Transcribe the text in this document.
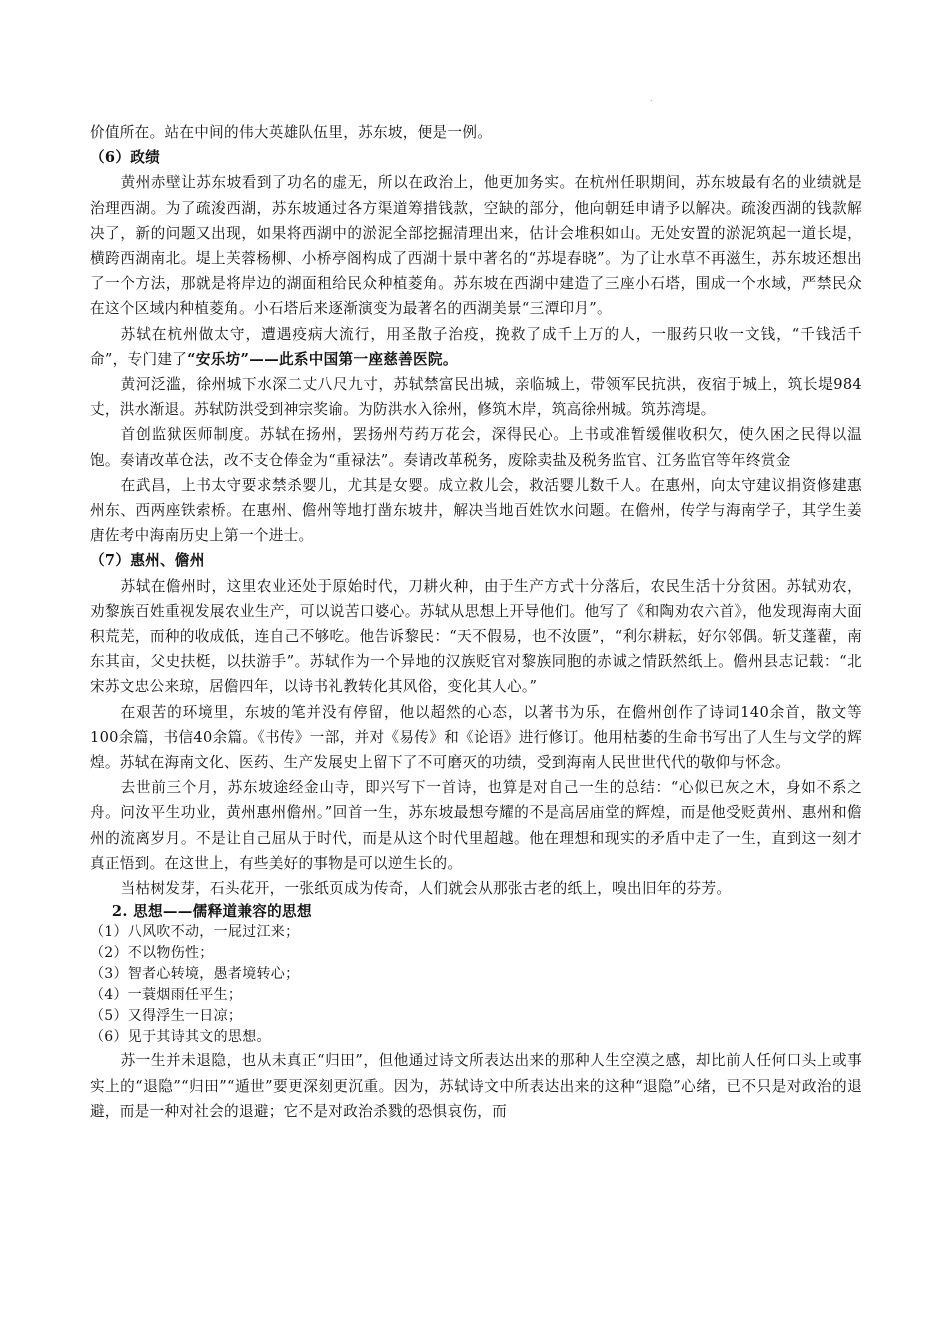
.

价值所在。站在中间的伟大英雄队伍里，苏东坡，便是一例。

（6）政绩

黄州赤壁让苏东坡看到了功名的虚无，所以在政治上，他更加务实。在杭州任职期间，苏东坡最有名的业绩就是治理西湖。为了疏浚西湖，苏东坡通过各方渠道筹措钱款，空缺的部分，他向朝廷申请予以解决。疏浚西湖的钱款解决了，新的问题又出现，如果将西湖中的淤泥全部挖掘清理出来，估计会堆积如山。无处安置的淤泥筑起一道长堤，横跨西湖南北。堤上芙蓉杨柳、小桥亭阁构成了西湖十景中著名的“苏堤春晓”。为了让水草不再滋生，苏东坡还想出了一个方法，那就是将岸边的湖面租给民众种植菱角。苏东坡在西湖中建造了三座小石塔，围成一个水域，严禁民众在这个区域内种植菱角。小石塔后来逐渐演变为最著名的西湖美景“三潭印月”。

苏轼在杭州做太守，遭遇疫病大流行，用圣散子治疫，挽救了成千上万的人，一服药只收一文钱，“千钱活千命”，专门建了“安乐坊”——此系中国第一座慈善医院。

黄河泛滥，徐州城下水深二丈八尺九寸，苏轼禁富民出城，亲临城上，带领军民抗洪，夜宿于城上，筑长堤984丈，洪水渐退。苏轼防洪受到神宗奖谕。为防洪水入徐州，修筑木岸，筑高徐州城。筑苏湾堤。

首创监狱医师制度。苏轼在扬州，罢扬州芍药万花会，深得民心。上书或准暂缓催收积欠，使久困之民得以温饱。奏请改革仓法，改不支仓俸金为“重禄法”。奏请改革税务，废除卖盐及税务监官、江务监官等年终赏金

在武昌，上书太守要求禁杀婴儿，尤其是女婴。成立救儿会，救活婴儿数千人。在惠州，向太守建议捐资修建惠州东、西两座铁索桥。在惠州、儋州等地打凿东坡井，解决当地百姓饮水问题。在儋州，传学与海南学子，其学生姜唐佐考中海南历史上第一个进士。

（7）惠州、儋州

苏轼在儋州时，这里农业还处于原始时代，刀耕火种，由于生产方式十分落后，农民生活十分贫困。苏轼劝农，劝黎族百姓重视发展农业生产，可以说苦口婆心。苏轼从思想上开导他们。他写了《和陶劝农六首》，他发现海南大面积荒芜，而种的收成低，连自己不够吃。他告诉黎民：“天不假易，也不汝匮”，“利尔耕耘，好尔邻偶。斩艾蓬藋，南东其亩，父史扶梃，以扶游手”。苏轼作为一个异地的汉族贬官对黎族同胞的赤诚之情跃然纸上。儋州县志记载：“北宋苏文忠公来琼，居儋四年，以诗书礼教转化其风俗，变化其人心。”

在艰苦的环境里，东坡的笔并没有停留，他以超然的心态，以著书为乐，在儋州创作了诗词140余首，散文等100余篇，书信40余篇。《书传》一部，并对《易传》和《论语》进行修订。他用枯萎的生命书写出了人生与文学的辉煌。苏轼在海南文化、医药、生产发展史上留下了不可磨灭的功绩，受到海南人民世世代代的敬仰与怀念。

去世前三个月，苏东坡途经金山寺，即兴写下一首诗，也算是对自己一生的总结：“心似已灰之木，身如不系之舟。问汝平生功业，黄州惠州儋州。”回首一生，苏东坡最想夸耀的不是高居庙堂的辉煌，而是他受贬黄州、惠州和儋州的流离岁月。不是让自己屈从于时代，而是从这个时代里超越。他在理想和现实的矛盾中走了一生，直到这一刻才真正悟到。在这世上，有些美好的事物是可以逆生长的。

当枯树发芽，石头花开，一张纸页成为传奇，人们就会从那张古老的纸上，嗅出旧年的芬芳。

2. 思想——儒释道兼容的思想

（1）八风吹不动，一屁过江来；

（2）不以物伤性；

（3）智者心转境，愚者境转心；

（4）一蓑烟雨任平生；

（5）又得浮生一日凉；

（6）见于其诗其文的思想。

苏一生并未退隐，也从未真正“归田”，但他通过诗文所表达出来的那种人生空漠之感，却比前人任何口头上或事实上的“退隐”“归田”“遁世”要更深刻更沉重。因为，苏轼诗文中所表达出来的这种“退隐”心绪，已不只是对政治的退避，而是一种对社会的退避；它不是对政治杀戮的恐惧哀伤，而
